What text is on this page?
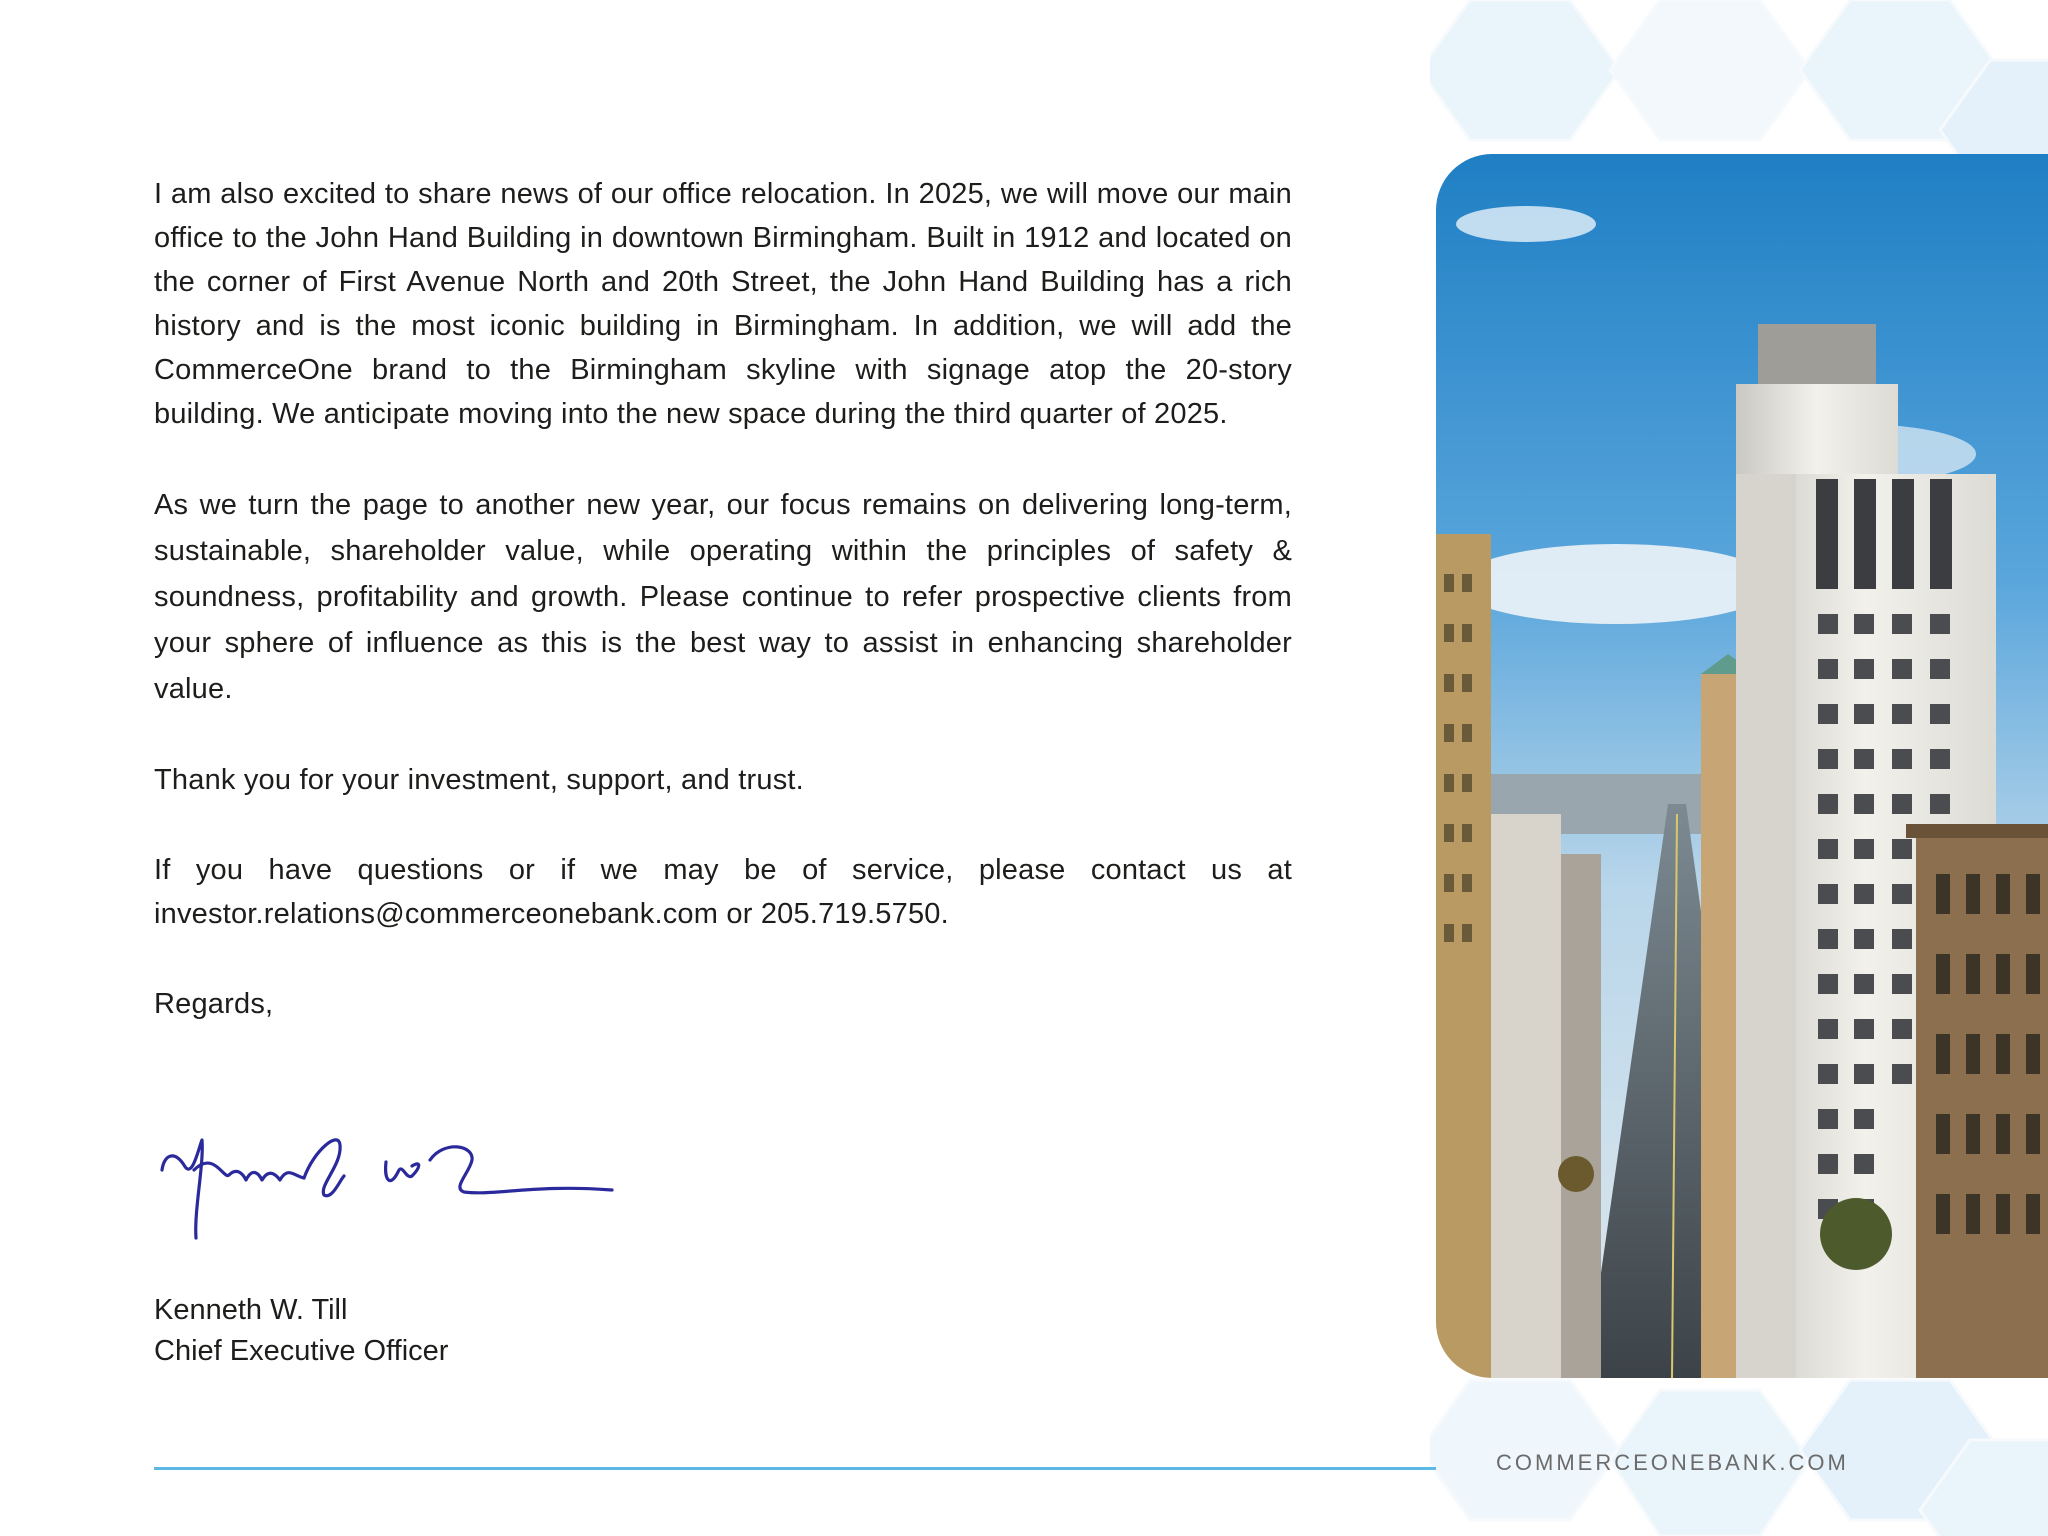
I am also excited to share news of our office relocation. In 2025, we will move our main office to the John Hand Building in downtown Birmingham. Built in 1912 and located on the corner of First Avenue North and 20th Street, the John Hand Building has a rich history and is the most iconic building in Birmingham. In addition, we will add the CommerceOne brand to the Birmingham skyline with signage atop the 20-story building. We anticipate moving into the new space during the third quarter of 2025.

As we turn the page to another new year, our focus remains on delivering long-term, sustainable, shareholder value, while operating within the principles of safety & soundness, profitability and growth. Please continue to refer prospective clients from your sphere of influence as this is the best way to assist in enhancing shareholder value.

Thank you for your investment, support, and trust.

If you have questions or if we may be of service, please contact us at investor.relations@commerceonebank.com or 205.719.5750.

Regards,

Kenneth W. Till
Chief Executive Officer
COMMERCEONEBANK.COM
